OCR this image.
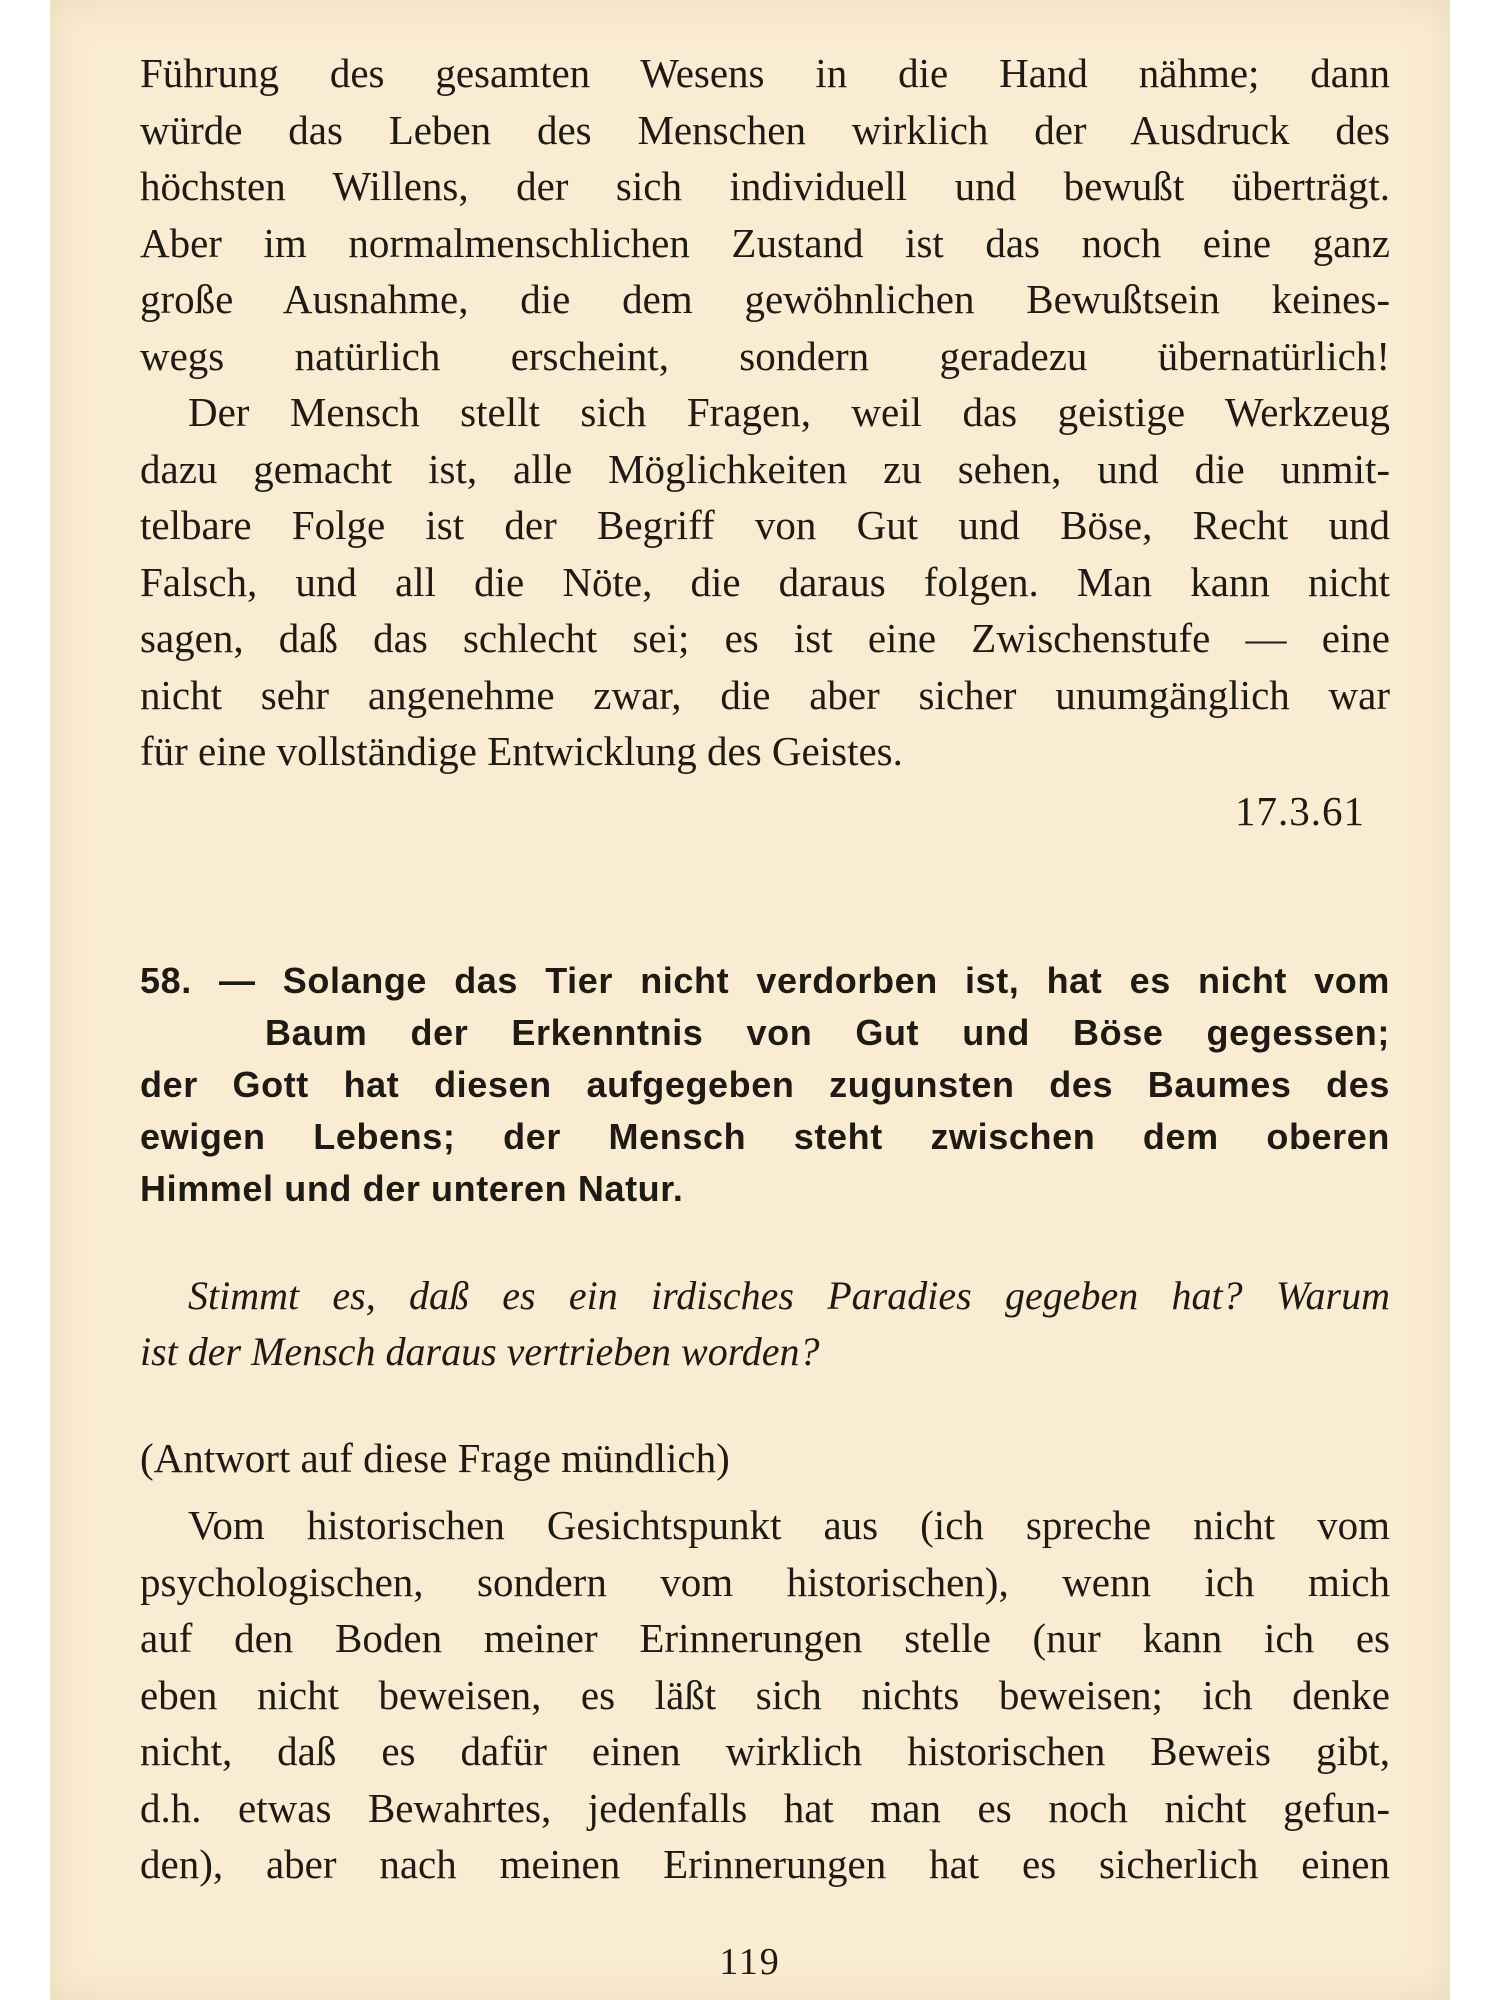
Führung des gesamten Wesens in die Hand nähme; dann
würde das Leben des Menschen wirklich der Ausdruck des
höchsten Willens, der sich individuell und bewußt überträgt.
Aber im normalmenschlichen Zustand ist das noch eine ganz
große Ausnahme, die dem gewöhnlichen Bewußtsein keines-
wegs natürlich erscheint, sondern geradezu übernatürlich!

Der Mensch stellt sich Fragen, weil das geistige Werkzeug
dazu gemacht ist, alle Möglichkeiten zu sehen, und die unmit-
telbare Folge ist der Begriff von Gut und Böse, Recht und
Falsch, und all die Nöte, die daraus folgen. Man kann nicht
sagen, daß das schlecht sei; es ist eine Zwischenstufe — eine
nicht sehr angenehme zwar, die aber sicher unumgänglich war
für eine vollständige Entwicklung des Geistes.

17.3.61

58. — Solange das Tier nicht verdorben ist, hat es nicht vom
Baum der Erkenntnis von Gut und Böse gegessen;
der Gott hat diesen aufgegeben zugunsten des Baumes des
ewigen Lebens; der Mensch steht zwischen dem oberen
Himmel und der unteren Natur.

Stimmt es, daß es ein irdisches Paradies gegeben hat? Warum
ist der Mensch daraus vertrieben worden?

(Antwort auf diese Frage mündlich)

Vom historischen Gesichtspunkt aus (ich spreche nicht vom
psychologischen, sondern vom historischen), wenn ich mich
auf den Boden meiner Erinnerungen stelle (nur kann ich es
eben nicht beweisen, es läßt sich nichts beweisen; ich denke
nicht, daß es dafür einen wirklich historischen Beweis gibt,
d.h. etwas Bewahrtes, jedenfalls hat man es noch nicht gefun-
den), aber nach meinen Erinnerungen hat es sicherlich einen

119
